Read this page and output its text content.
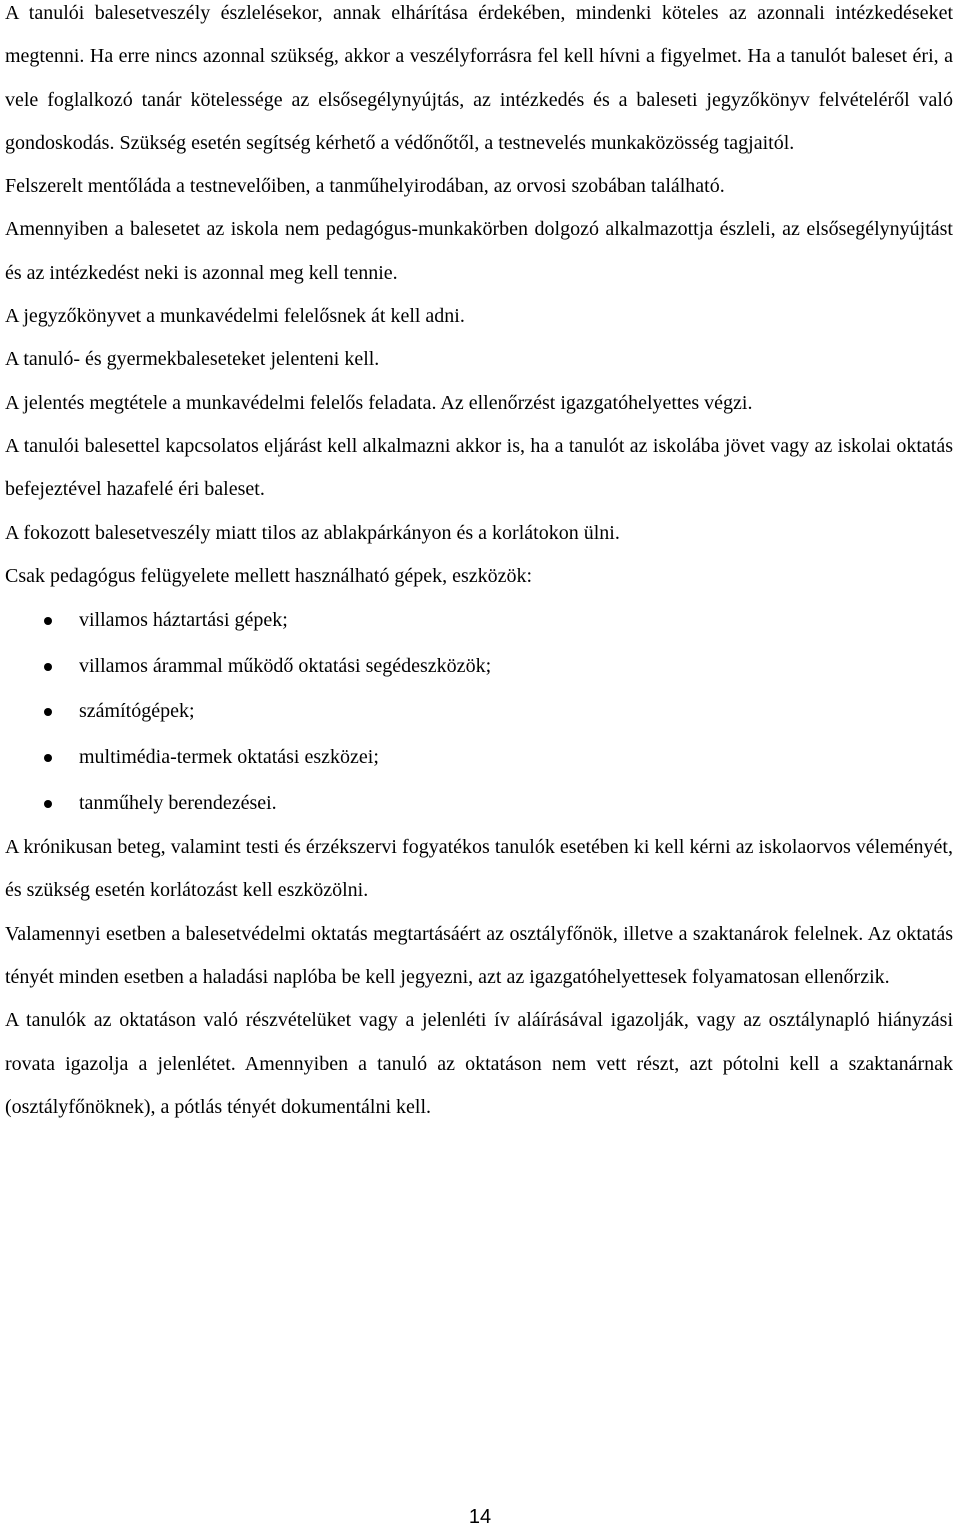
A tanulói balesetveszély észlelésekor, annak elhárítása érdekében, mindenki köteles az azonnali intézkedéseket megtenni. Ha erre nincs azonnal szükség, akkor a veszélyforrásra fel kell hívni a figyelmet. Ha a tanulót baleset éri, a vele foglalkozó tanár kötelessége az elsősegélynyújtás, az intézkedés és a baleseti jegyzőkönyv felvételéről való gondoskodás. Szükség esetén segítség kérhető a védőnőtől, a testnevelés munkaközösség tagjaitól.

Felszerelt mentőláda a testnevelőiben, a tanműhelyirodában, az orvosi szobában található.

Amennyiben a balesetet az iskola nem pedagógus-munkakörben dolgozó alkalmazottja észleli, az elsősegélynyújtást és az intézkedést neki is azonnal meg kell tennie.

A jegyzőkönyvet a munkavédelmi felelősnek át kell adni.

A tanuló- és gyermekbaleseteket jelenteni kell.

A jelentés megtétele a munkavédelmi felelős feladata. Az ellenőrzést igazgatóhelyettes végzi.

A tanulói balesettel kapcsolatos eljárást kell alkalmazni akkor is, ha a tanulót az iskolába jövet vagy az iskolai oktatás befejeztével hazafelé éri baleset.

A fokozott balesetveszély miatt tilos az ablakpárkányon és a korlátokon ülni.

Csak pedagógus felügyelete mellett használható gépek, eszközök:

villamos háztartási gépek;
villamos árammal működő oktatási segédeszközök;
számítógépek;
multimédia-termek oktatási eszközei;
tanműhely berendezései.

A krónikusan beteg, valamint testi és érzékszervi fogyatékos tanulók esetében ki kell kérni az iskolaorvos véleményét, és szükség esetén korlátozást kell eszközölni.

Valamennyi esetben a balesetvédelmi oktatás megtartásáért az osztályfőnök, illetve a szaktanárok felelnek. Az oktatás tényét minden esetben a haladási naplóba be kell jegyezni, azt az igazgatóhelyettesek folyamatosan ellenőrzik.

A tanulók az oktatáson való részvételüket vagy a jelenléti ív aláírásával igazolják, vagy az osztálynapló hiányzási rovata igazolja a jelenlétet. Amennyiben a tanuló az oktatáson nem vett részt, azt pótolni kell a szaktanárnak (osztályfőnöknek), a pótlás tényét dokumentálni kell.

14
